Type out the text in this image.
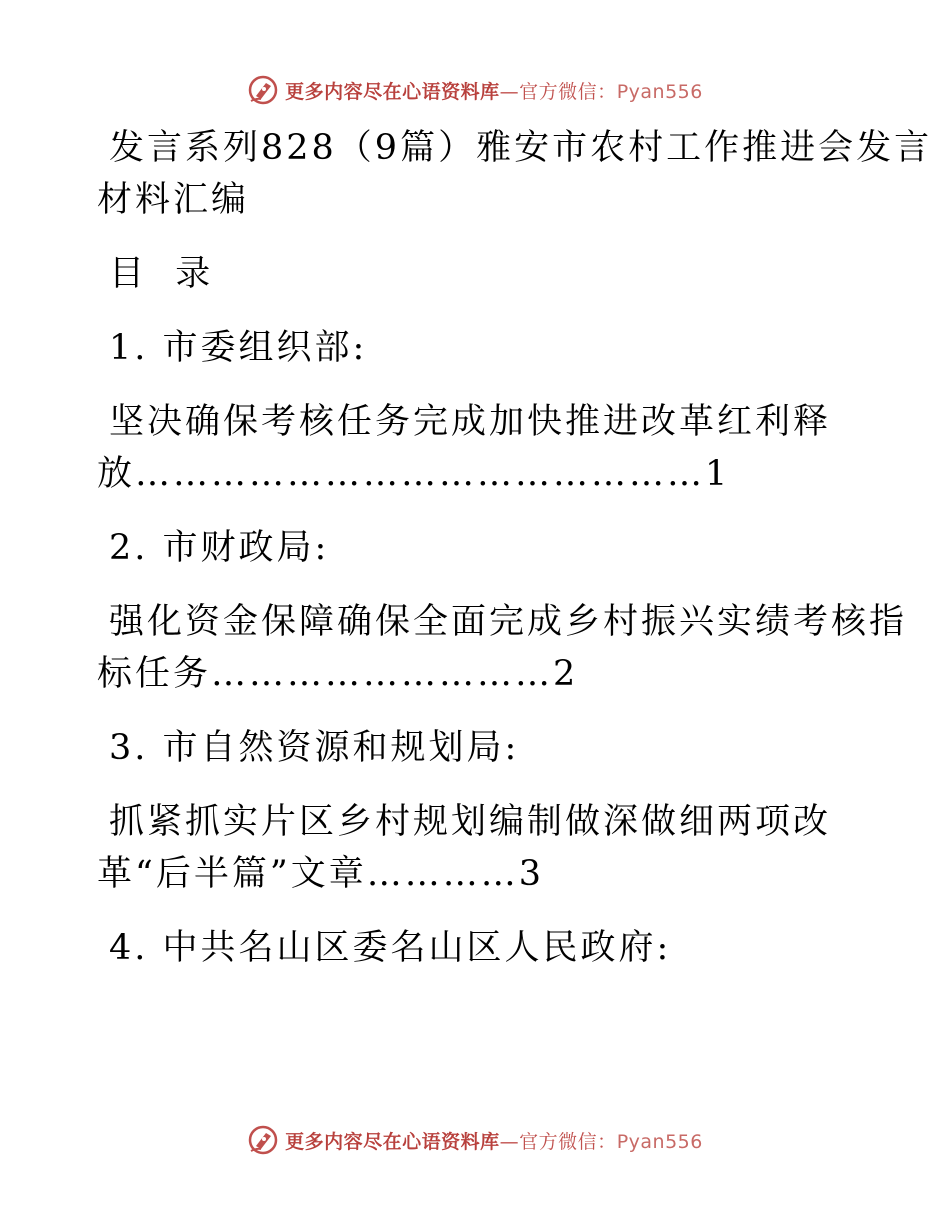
更多内容尽在心语资料库—官方微信：Pyan556
发言系列828（9篇）雅安市农村工作推进会发言
材料汇编
目  录
1. 市委组织部:
坚决确保考核任务完成加快推进改革红利释
放………………………………………1
2. 市财政局:
强化资金保障确保全面完成乡村振兴实绩考核指
标任务………………………2
3. 市自然资源和规划局:
抓紧抓实片区乡村规划编制做深做细两项改
革“后半篇”文章…………3
4. 中共名山区委名山区人民政府:
更多内容尽在心语资料库—官方微信：Pyan556
